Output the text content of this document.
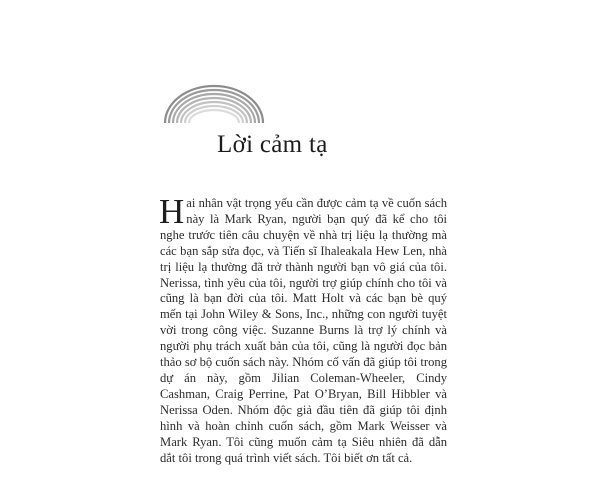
Lời cảm tạ

Hai nhân vật trọng yếu cần được cảm tạ về cuốn sách này là Mark Ryan, người bạn quý đã kể cho tôi nghe trước tiên câu chuyện về nhà trị liệu lạ thường mà các bạn sắp sửa đọc, và Tiến sĩ Ihaleakala Hew Len, nhà trị liệu lạ thường đã trở thành người bạn vô giá của tôi. Nerissa, tình yêu của tôi, người trợ giúp chính cho tôi và cũng là bạn đời của tôi. Matt Holt và các bạn bè quý mến tại John Wiley & Sons, Inc., những con người tuyệt vời trong công việc. Suzanne Burns là trợ lý chính và người phụ trách xuất bản của tôi, cũng là người đọc bản thảo sơ bộ cuốn sách này. Nhóm cố vấn đã giúp tôi trong dự án này, gồm Jilian Coleman-Wheeler, Cindy Cashman, Craig Perrine, Pat O’Bryan, Bill Hibbler và Nerissa Oden. Nhóm độc giả đầu tiên đã giúp tôi định hình và hoàn chỉnh cuốn sách, gồm Mark Weisser và Mark Ryan. Tôi cũng muốn cảm tạ Siêu nhiên đã dẫn dắt tôi trong quá trình viết sách. Tôi biết ơn tất cả.
